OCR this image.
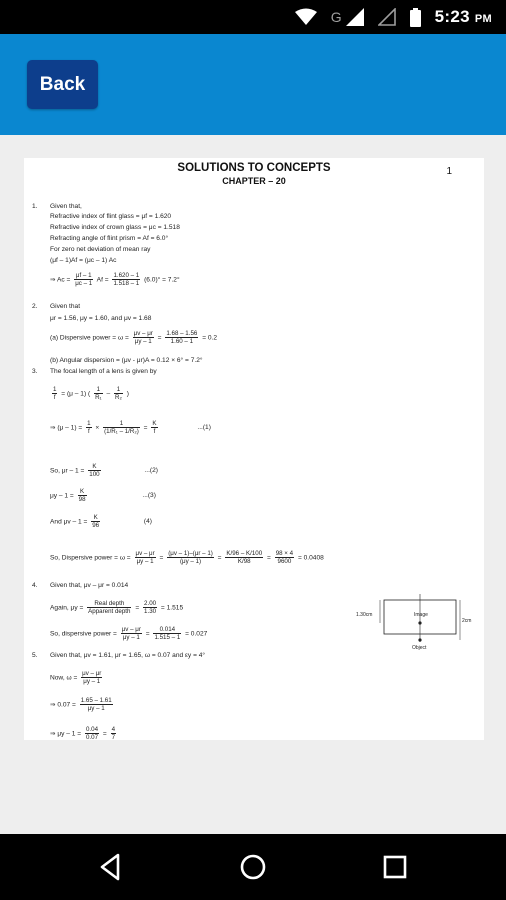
G	5:23 PM
Back
SOLUTIONS TO CONCEPTS
CHAPTER – 20
1
1. Given that,
Refractive index of flint glass = μf = 1.620
Refractive index of crown glass = μc = 1.518
Refracting angle of flint prism = Af = 6.0°
For zero net deviation of mean ray
(μf – 1)Af = (μc – 1) Ac
⇒ $Ac = \frac{\mu f - 1}{\mu c - 1}$ $Af = \frac{1.620 - 1}{1.518 - 1} (6.0)^\circ = 7.2^\circ$
2. Given that
μr = 1.56, μy = 1.60, and μv = 1.68
(a) Dispersive power = $\omega = \frac{\mu v - \mu r}{\mu y - 1} = \frac{1.68 - 1.56}{1.60 - 1} = 0.2$
(b) Angular dispersion = (μv - μr)A = 0.12 × 6° = 7.2°
3. The focal length of a lens is given by
$\frac{1}{f} = (\mu - 1)$ ( $\frac{1}{\text{R₁}} - \frac{1}{\text{R₂}}$ )
⇒ $(\mu - 1) = \frac{1}{f} \times \frac{1}{\text{(1/R₁ – 1/R₂)}} = \frac{K}{f}$	...(1)
So, $\mu r - 1 = \frac{K}{100}$	...(2)
$\mu y - 1 = \frac{K}{98}$	...(3)
And $\mu v - 1 = \frac{K}{96}$	(4)
So, Dispersive power = $\omega = \frac{\mu v - \mu r}{\mu y - 1} = \frac{(\mu v - 1)-(\mu r - 1)}{(\mu y - 1)} = \frac{K/96 - K/100}{K/98} = \frac{98 \times 4}{9600} = 0.0408$
4. Given that, μv – μr = 0.014
Again, $\mu y = \frac{\text{Real depth}}{\text{Apparent depth}} = \frac{2.00}{1.30} = 1.515$
So, dispersive power = $\frac{\mu v - \mu r}{\mu y - 1} = \frac{0.014}{1.515 - 1} = 0.027$
1.30cm
2cm
Image
Object
5. Given that, μv = 1.61, μr = 1.65, ω = 0.07 and εy = 4°
Now, $\omega = \frac{\mu v - \mu r}{\mu y - 1}$
⇒ $0.07 = \frac{1.65 - 1.61}{\mu y - 1}$
⇒ $\mu y - 1 = \frac{0.04}{0.07} = \frac{4}{7}$
